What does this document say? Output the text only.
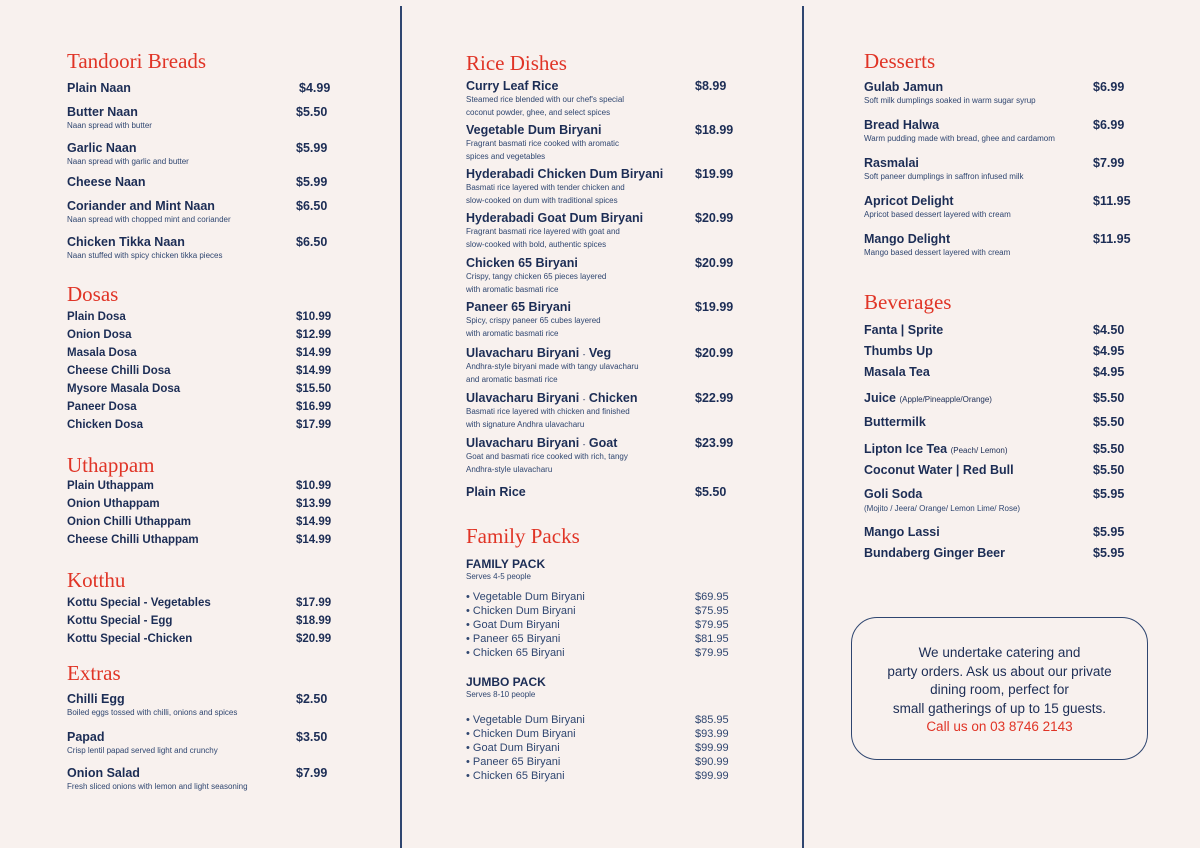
Tandoori Breads
Plain Naan	$4.99
Butter Naan	$5.50
Naan spread with butter
Garlic Naan	$5.99
Naan spread with garlic and butter
Cheese Naan	$5.99
Coriander and Mint Naan	$6.50
Naan spread with chopped mint and coriander
Chicken Tikka Naan	$6.50
Naan stuffed with spicy chicken tikka pieces
Dosas
Plain Dosa	$10.99
Onion Dosa	$12.99
Masala Dosa	$14.99
Cheese Chilli Dosa	$14.99
Mysore Masala Dosa	$15.50
Paneer Dosa	$16.99
Chicken Dosa	$17.99
Uthappam
Plain Uthappam	$10.99
Onion Uthappam	$13.99
Onion Chilli Uthappam	$14.99
Cheese Chilli Uthappam	$14.99
Kotthu
Kottu Special - Vegetables	$17.99
Kottu Special - Egg	$18.99
Kottu Special -Chicken	$20.99
Extras
Chilli Egg	$2.50
Boiled eggs tossed with chilli, onions and spices
Papad	$3.50
Crisp lentil papad served light and crunchy
Onion Salad	$7.99
Fresh sliced onions with lemon and light seasoning
Rice Dishes
Curry Leaf Rice	$8.99
Steamed rice blended with our chef's special
coconut powder, ghee, and select spices
Vegetable Dum Biryani	$18.99
Fragrant basmati rice cooked with aromatic
spices and vegetables
Hyderabadi Chicken Dum Biryani	$19.99
Basmati rice layered with tender chicken and
slow-cooked on dum with traditional spices
Hyderabadi Goat Dum Biryani	$20.99
Fragrant basmati rice layered with goat and
slow-cooked with bold, authentic spices
Chicken 65 Biryani	$20.99
Crispy, tangy chicken 65 pieces layered
with aromatic basmati rice
Paneer 65 Biryani	$19.99
Spicy, crispy paneer 65 cubes layered
with aromatic basmati rice
Ulavacharu Biryani - Veg	$20.99
Andhra-style biryani made with tangy ulavacharu
and aromatic basmati rice
Ulavacharu Biryani - Chicken	$22.99
Basmati rice layered with chicken and finished
with signature Andhra ulavacharu
Ulavacharu Biryani - Goat	$23.99
Goat and basmati rice cooked with rich, tangy
Andhra-style ulavacharu
Plain Rice	$5.50
Family Packs
FAMILY PACK
Serves 4-5 people
• Vegetable Dum Biryani	$69.95
• Chicken Dum Biryani	$75.95
• Goat Dum Biryani	$79.95
• Paneer 65 Biryani	$81.95
• Chicken 65 Biryani	$79.95
JUMBO PACK
Serves 8-10 people
• Vegetable Dum Biryani	$85.95
• Chicken Dum Biryani	$93.99
• Goat Dum Biryani	$99.99
• Paneer 65 Biryani	$90.99
• Chicken 65 Biryani	$99.99
Desserts
Gulab Jamun	$6.99
Soft milk dumplings soaked in warm sugar syrup
Bread Halwa	$6.99
Warm pudding made with bread, ghee and cardamom
Rasmalai	$7.99
Soft paneer dumplings in saffron infused milk
Apricot Delight	$11.95
Apricot based dessert layered with cream
Mango Delight	$11.95
Mango based dessert layered with cream
Beverages
Fanta | Sprite	$4.50
Thumbs Up	$4.95
Masala Tea	$4.95
Juice (Apple/Pineapple/Orange)	$5.50
Buttermilk	$5.50
Lipton Ice Tea (Peach/ Lemon)	$5.50
Coconut Water | Red Bull	$5.50
Goli Soda	$5.95
(Mojito / Jeera/ Orange/ Lemon Lime/ Rose)
Mango Lassi	$5.95
Bundaberg Ginger Beer	$5.95
We undertake catering and
party orders. Ask us about our private
dining room, perfect for
small gatherings of up to 15 guests.
Call us on 03 8746 2143
